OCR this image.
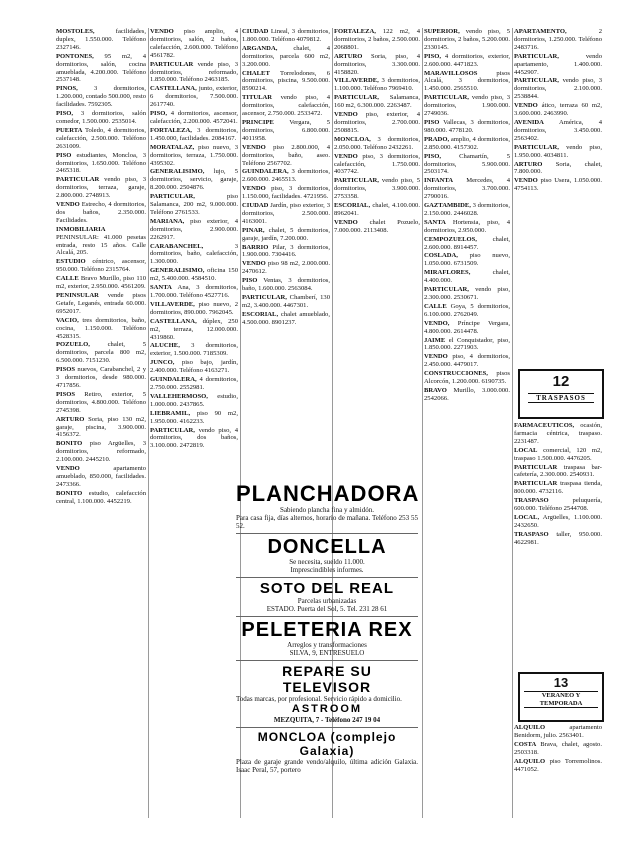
MOSTOLES, facilidades, duplex, 1.550.000. Teléfono 2327146.

PONTONES, 95 m2, 4 dormitorios, salón, cocina amueblada, 4.200.000. Teléfono 2537148.

PINOS, 3 dormitorios, 1.200.000, contado 500.000, resto facilidades. 7592305.

PISO, 3 dormitorios, salón comedor, 1.500.000. 2535014.

PUERTA Toledo, 4 dormitorios, calefacción, 2.500.000. Teléfono 2631009.

PISO estudiantes, Moncloa, 3 dormitorios, 1.650.000. Teléfono 2465318.

PARTICULAR vendo piso, 3 dormitorios, terraza, garaje, 2.800.000. 2748913.

VENDO Estrecho, 4 dormitorios, dos baños, 2.350.000. Facilidades.

INMOBILIARIA PENINSULAR: 41.000 pesetas entrada, resto 15 años. Calle Alcalá, 205.

ESTUDIO céntrico, ascensor, 950.000. Teléfono 2315764.

CALLE Bravo Murillo, piso 110 m2, exterior, 2.950.000. 4561209.

PENINSULAR vende pisos Getafe, Leganés, entrada 60.000. 6952017.

VACIO, tres dormitorios, baño, cocina, 1.150.000. Teléfono 4528315.

POZUELO, chalet, 5 dormitorios, parcela 800 m2, 6.500.000. 7151230.

PISOS nuevos, Carabanchel, 2 y 3 dormitorios, desde 980.000. 4717856.

PISOS Retiro, exterior, 5 dormitorios, 4.800.000. Teléfono 2745398.

ARTURO Soria, piso 130 m2, garaje, piscina, 3.900.000. 4156372.

BONITO piso Argüelles, 3 dormitorios, reformado, 2.100.000. 2445210.

VENDO apartamento amueblado, 850.000, facilidades. 2473366.

BONITO estudio, calefacción central, 1.100.000. 4452219.

VENDO piso amplio, 4 dormitorios, salón, 2 baños, calefacción, 2.600.000. Teléfono 4561782.

PARTICULAR vende piso, 3 dormitorios, reformado, 1.850.000. Teléfono 2463185.

CASTELLANA, junto, exterior, 6 dormitorios, 7.500.000. 2617740.

PISO, 4 dormitorios, ascensor, calefacción, 2.200.000. 4572041.

FORTALEZA, 3 dormitorios, 1.450.000, facilidades. 2084167.

MORATALAZ, piso nuevo, 3 dormitorios, terraza, 1.750.000. 4395302.

GENERALISIMO, lujo, 5 dormitorios, servicio, garaje, 8.200.000. 2504876.

PARTICULAR, piso Salamanca, 200 m2, 9.000.000. Teléfono 2761533.

MARIANA, piso exterior, 4 dormitorios, 2.900.000. 2262917.

CARABANCHEL, 3 dormitorios, baño, calefacción, 1.300.000.

GENERALISIMO, oficina 150 m2, 5.400.000. 4584510.

SANTA Ana, 3 dormitorios, 1.700.000. Teléfono 4527716.

VILLAVERDE, piso nuevo, 2 dormitorios, 890.000. 7962045.

CASTELLANA, dúplex, 250 m2, terraza, 12.000.000. 4319860.

ALUCHE, 3 dormitorios, exterior, 1.500.000. 7185309.

JUNCO, piso bajo, jardín, 2.400.000. Teléfono 4163271.

GUINDALERA, 4 dormitorios, 2.750.000. 2552981.

VALLEHERMOSO, estudio, 1.000.000. 2437865.

LIEBRAMIL, piso 90 m2, 1.950.000. 4162233.

PARTICULAR, vendo piso, 4 dormitorios, dos baños, 3.100.000. 2472819.

CIUDAD Lineal, 3 dormitorios, 1.800.000. Teléfono 4079812.

ARGANDA, chalet, 4 dormitorios, parcela 600 m2, 3.200.000.

CHALET Torrelodones, 6 dormitorios, piscina, 9.500.000. 8590214.

TITULAR vendo piso, 4 dormitorios, calefacción, ascensor, 2.750.000. 2533472.

PRINCIPE Vergara, 5 dormitorios, 6.800.000. 4011958.

VENDO piso 2.800.000, 4 dormitorios, baño, aseo. Teléfono 2567702.

GUINDALERA, 3 dormitorios, 2.600.000. 2465513.

VENDO piso, 3 dormitorios, 1.150.000, facilidades. 4721956.

CIUDAD Jardín, piso exterior, 3 dormitorios, 2.500.000. 4163001.

PINAR, chalet, 5 dormitorios, garaje, jardín, 7.200.000.

BARRIO Pilar, 3 dormitorios, 1.900.000. 7304416.

VENDO piso 98 m2, 2.000.000. 2470612.

PISO Ventas, 3 dormitorios, baño, 1.600.000. 2563084.

PARTICULAR, Chamberí, 130 m2, 3.400.000. 4467301.

ESCORIAL, chalet amueblado, 4.500.000. 8901237.

FORTALEZA, 122 m2, 4 dormitorios, 2 baños, 2.500.000. 2068801.

ARTURO Soria, piso, 4 dormitorios, 3.300.000. 4158820.

VILLAVERDE, 3 dormitorios, 1.100.000. Teléfono 7969410.

PARTICULAR, Salamanca, 160 m2, 6.300.000. 2263487.

VENDO piso, exterior, 4 dormitorios, 2.700.000. 2508815.

MONCLOA, 3 dormitorios, 2.050.000. Teléfono 2432261.

VENDO piso, 3 dormitorios, calefacción, 1.750.000. 4037742.

PARTICULAR, vendo piso, 5 dormitorios, 3.900.000. 2753358.

ESCORIAL, chalet, 4.100.000. 8962041.

VENDO chalet Pozuelo, 7.000.000. 2113408.

SUPERIOR, vendo piso, 5 dormitorios, 2 baños, 5.200.000. 2330145.

PISO, 4 dormitorios, exterior, 2.600.000. 4471823.

MARAVILLOSOS pisos Alcalá, 3 dormitorios, 1.450.000. 2565510.

PARTICULAR, vendo piso, 3 dormitorios, 1.900.000. 2749036.

PISO Vallecas, 3 dormitorios, 980.000. 4778120.

PRADO, amplio, 4 dormitorios, 2.850.000. 4157302.

PISO, Chamartín, 5 dormitorios, 5.900.000. 2503174.

INFANTA Mercedes, 4 dormitorios, 3.700.000. 2790016.

GAZTAMBIDE, 3 dormitorios, 2.150.000. 2446028.

SANTA Hortensia, piso, 4 dormitorios, 2.950.000.

CEMPOZUELOS, chalet, 2.600.000. 8914457.

COSLADA, piso nuevo, 1.050.000. 6731509.

MIRAFLORES, chalet, 4.400.000.

PARTICULAR, vendo piso, 2.300.000. 2530671.

CALLE Goya, 5 dormitorios, 6.100.000. 2762049.

VENDO, Príncipe Vergara, 4.800.000. 2614478.

JAIME el Conquistador, piso, 1.850.000. 2271903.

VENDO piso, 4 dormitorios, 2.450.000. 4479017.

CONSTRUCCIONES, pisos Alcorcón, 1.200.000. 6190735.

BRAVO Murillo, 3.000.000. 2542066.

APARTAMENTO, 2 dormitorios, 1.250.000. Teléfono 2483716.

PARTICULAR, vendo apartamento, 1.400.000. 4452907.

PARTICULAR, vendo piso, 3 dormitorios, 2.100.000. 2538844.

VENDO ático, terraza 60 m2, 3.600.000. 2463990.

AVENIDA América, 4 dormitorios, 3.450.000. 2563402.

PARTICULAR, vendo piso, 1.950.000. 4034811.

ARTURO Soria, chalet, 7.800.000.

VENDO piso Usera, 1.050.000. 4754113.

FARMACEUTICOS, ocasión, farmacia céntrica, traspaso. 2231487.

LOCAL comercial, 120 m2, traspaso 1.500.000. 4476205.

PARTICULAR traspasa bar-cafetería, 2.300.000. 2540931.

PARTICULAR traspasa tienda, 800.000. 4732116.

TRASPASO peluquería, 600.000. Teléfono 2544708.

LOCAL, Argüelles, 1.100.000. 2432650.

TRASPASO taller, 950.000. 4622981.

ALQUILO apartamento Benidorm, julio. 2563401.

COSTA Brava, chalet, agosto. 2503318.

ALQUILO piso Torremolinos. 4471052.

12
TRASPASOS
13
VERANEO Y TEMPORADA
PLANCHADORA
Sabiendo plancha fina y almidón.
Para casa fija, días alternos, horario de mañana. Teléfono 253 55 52.
DONCELLA
Se necesita, sueldo 11.000.
Imprescindibles informes.
SOTO DEL REAL
Parcelas urbanizadas
ESTADO. Puerta del Sol, 5. Tel. 231 28 61
PELETERIA REX
Arreglos y transformaciones
SILVA, 9, ENTRESUELO
REPARE SU TELEVISOR
Todas marcas, por profesional. Servicio rápido a domicilio.
ASTROOM
MEZQUITA, 7 - Teléfono 247 19 04
MONCLOA (complejo Galaxia)
Plaza de garaje grande vendo/alquilo, última adición Galaxia. Isaac Peral, 57, portero
